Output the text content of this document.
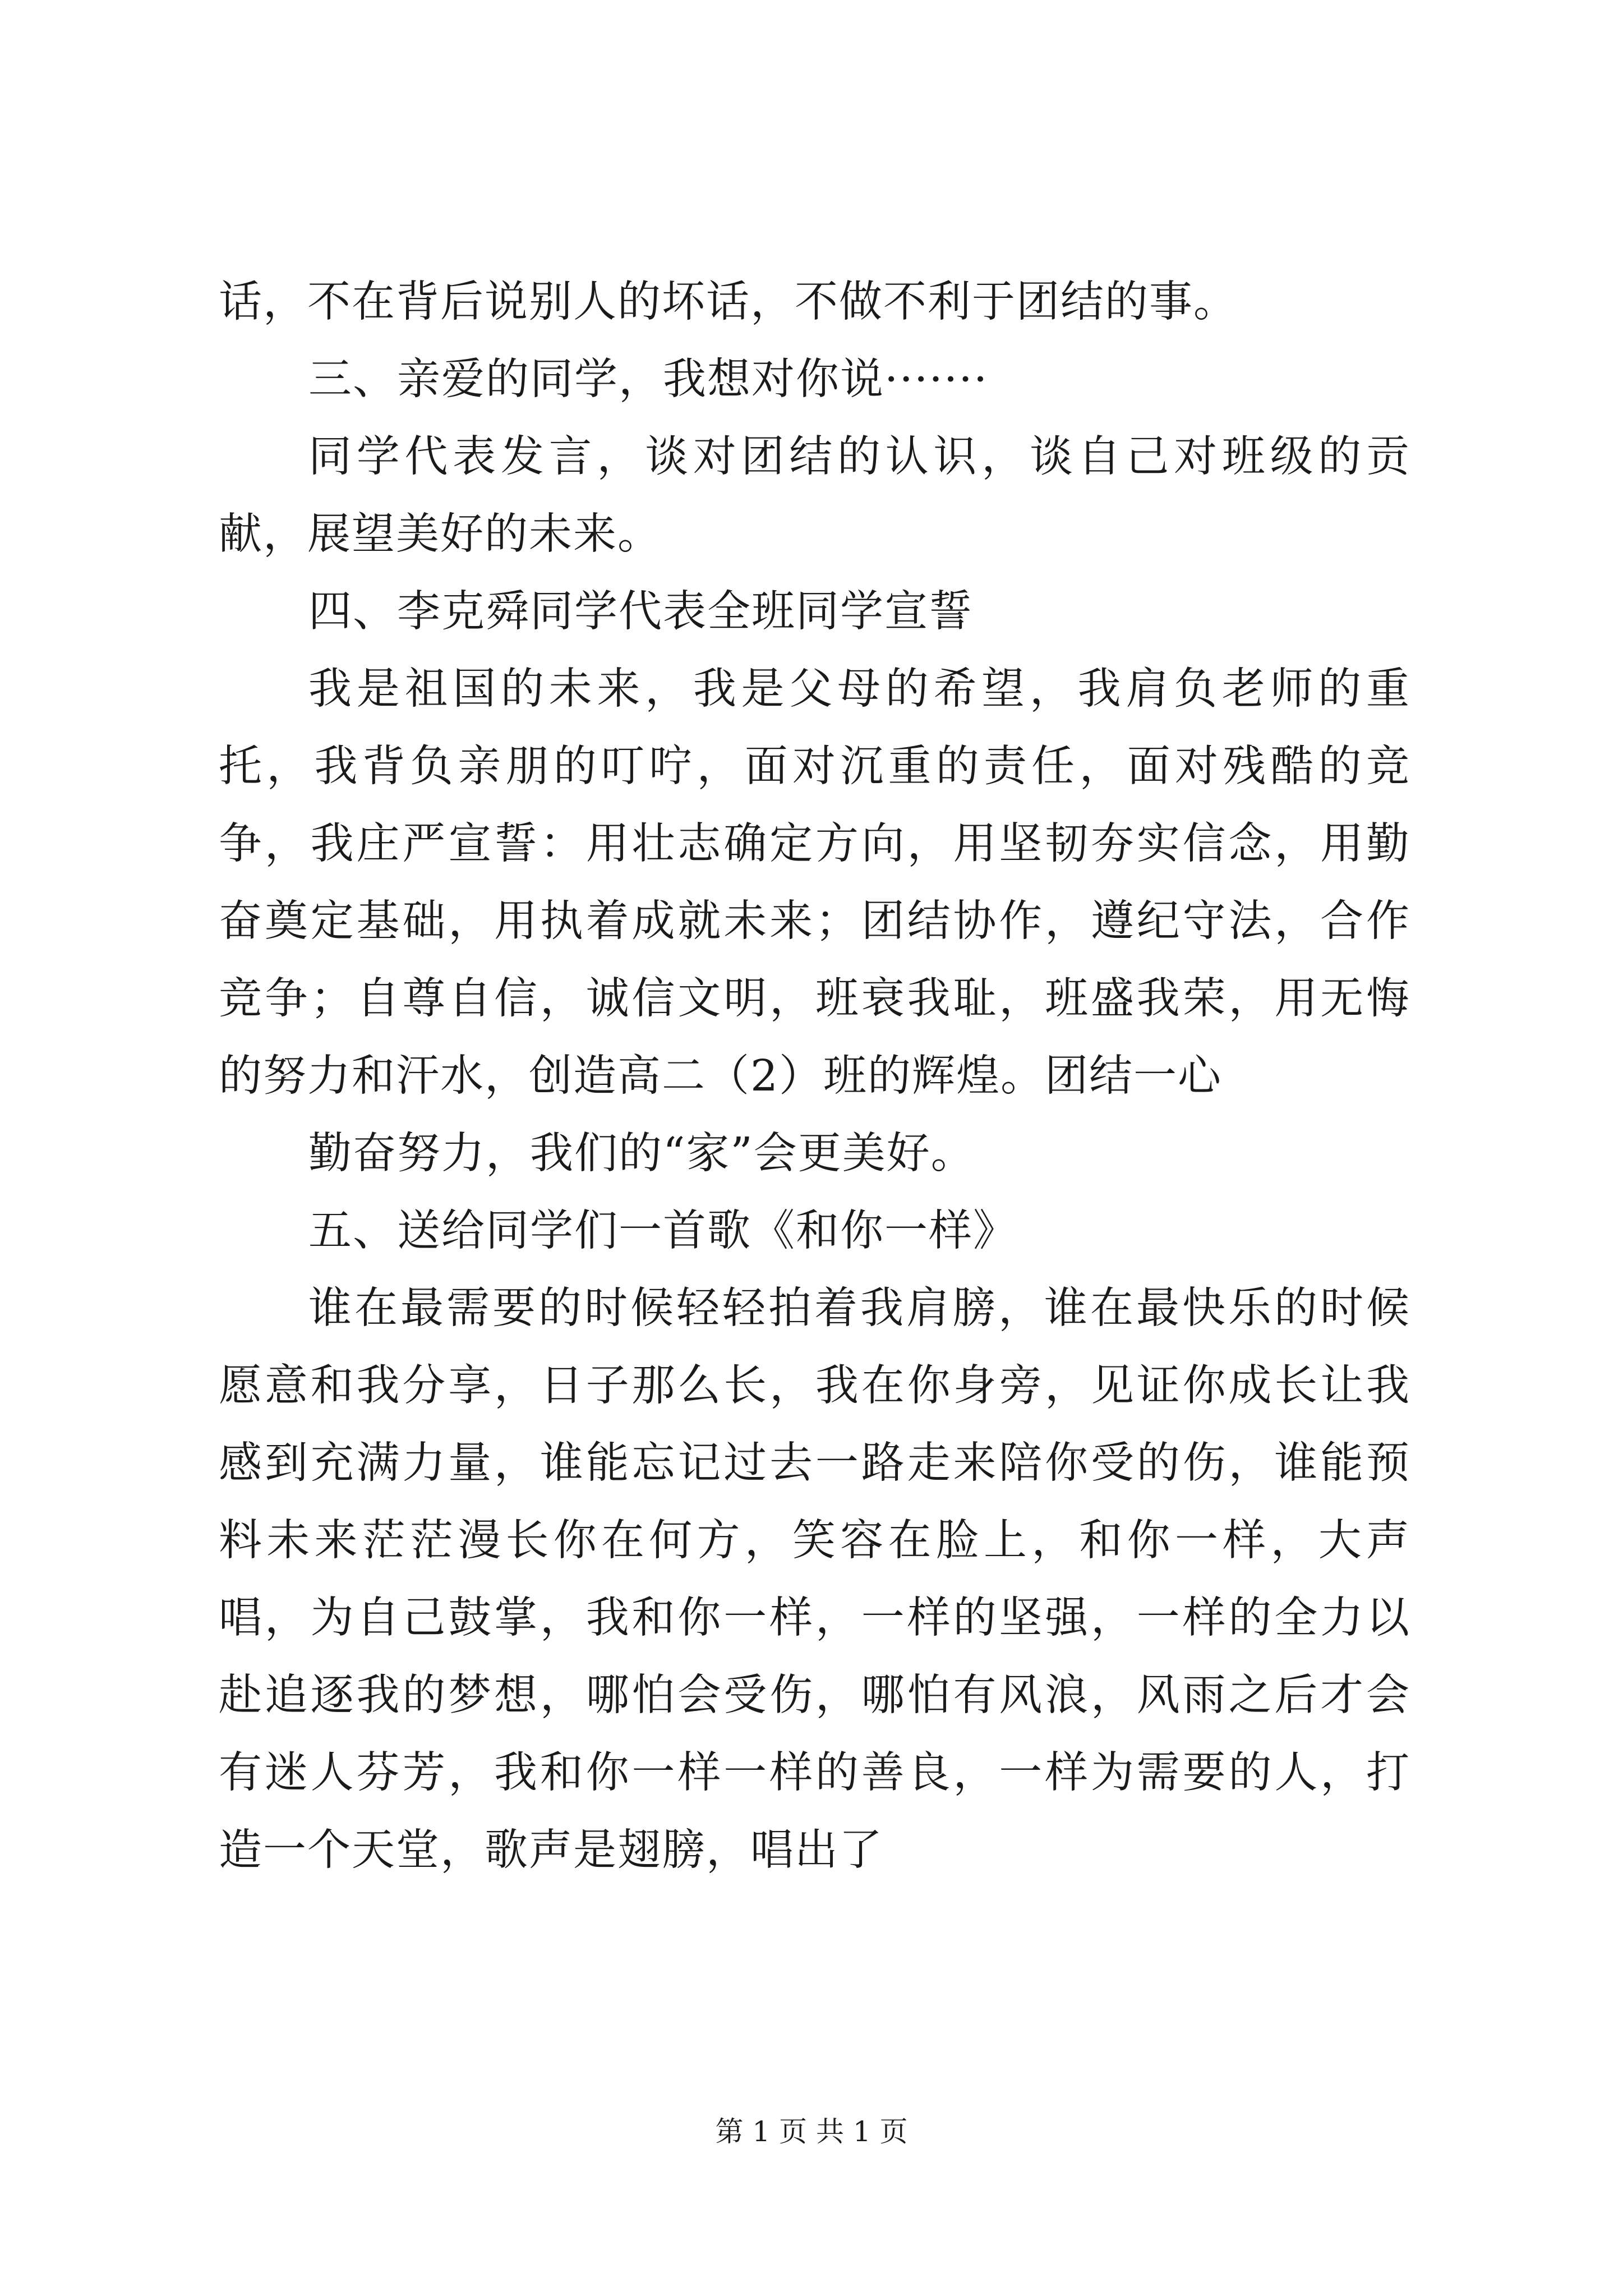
话，不在背后说别人的坏话，不做不利于团结的事。

三、亲爱的同学，我想对你说·······

同学代表发言，谈对团结的认识，谈自己对班级的贡献，展望美好的未来。

四、李克舜同学代表全班同学宣誓

我是祖国的未来，我是父母的希望，我肩负老师的重托，我背负亲朋的叮咛，面对沉重的责任，面对残酷的竞争，我庄严宣誓：用壮志确定方向，用坚韧夯实信念，用勤奋奠定基础，用执着成就未来；团结协作，遵纪守法，合作竞争；自尊自信，诚信文明，班衰我耻，班盛我荣，用无悔的努力和汗水，创造高二（2）班的辉煌。团结一心

勤奋努力，我们的“家”会更美好。

五、送给同学们一首歌《和你一样》

谁在最需要的时候轻轻拍着我肩膀，谁在最快乐的时候愿意和我分享，日子那么长，我在你身旁，见证你成长让我感到充满力量，谁能忘记过去一路走来陪你受的伤，谁能预料未来茫茫漫长你在何方，笑容在脸上，和你一样，大声唱，为自己鼓掌，我和你一样，一样的坚强，一样的全力以赴追逐我的梦想，哪怕会受伤，哪怕有风浪，风雨之后才会有迷人芬芳，我和你一样一样的善良，一样为需要的人，打造一个天堂，歌声是翅膀，唱出了

第 1 页 共 1 页
